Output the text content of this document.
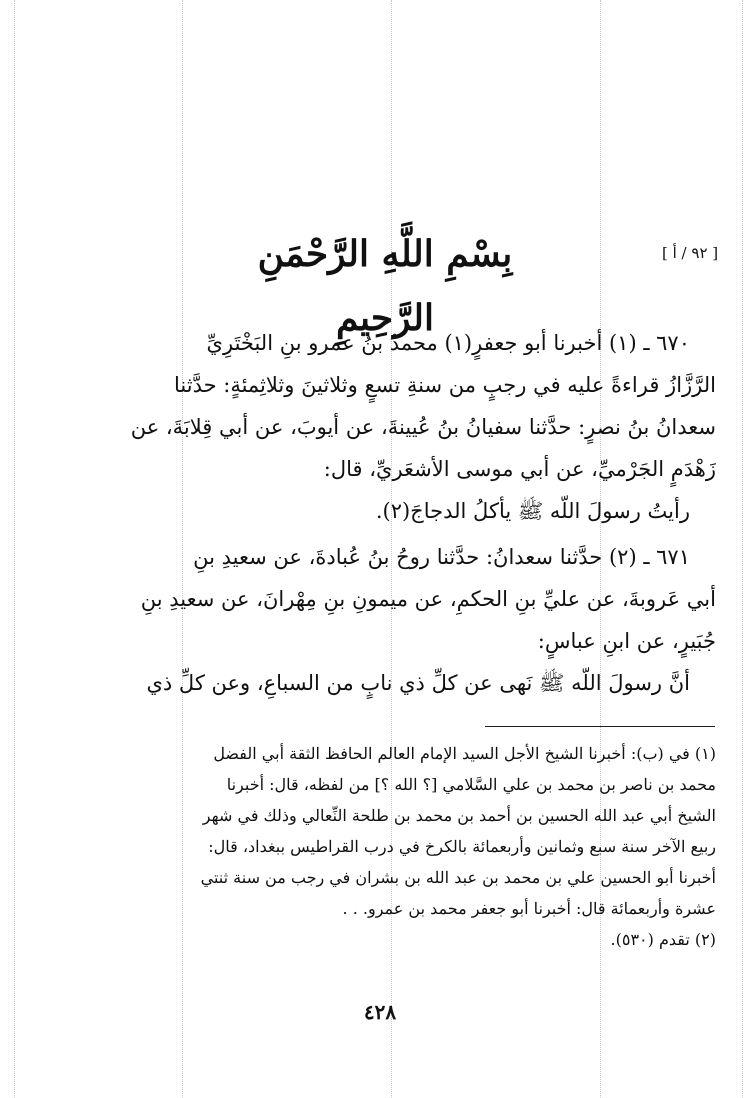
[ ٩٢ / أ ]
بِسْمِ اللَّهِ الرَّحْمَنِ الرَّحِيمِ

٦٧٠ ـ (١) أخبرنا أبو جعفرٍ(١) محمدُ بنُ عمرو بنِ البَخْتَرِيِّ

الرَّزَّازُ قراءةً عليه في رجبٍ من سنةِ تسعٍ وثلاثينَ وثلاثِمئةٍ: حدَّثنا

سعدانُ بنُ نصرٍ: حدَّثنا سفيانُ بنُ عُيينةَ، عن أيوبَ، عن أبي قِلابَةَ، عن

زَهْدَمٍ الجَرْميِّ، عن أبي موسى الأشعَريِّ، قال:

رأيتُ رسولَ اللّه ﷺ يأكلُ الدجاجَ(٢).

٦٧١ ـ (٢) حدَّثنا سعدانُ: حدَّثنا روحُ بنُ عُبادةَ، عن سعيدِ بنِ

أبي عَروبةَ، عن عليِّ بنِ الحكمِ، عن ميمونِ بنِ مِهْرانَ، عن سعيدِ بنِ

جُبَيرٍ، عن ابنِ عباسٍ:

أنَّ رسولَ اللّه ﷺ نَهى عن كلِّ ذي نابٍ من السباعِ، وعن كلِّ ذي

(١) في (ب): أخبرنا الشيخ الأجل السيد الإمام العالم الحافظ الثقة أبي الفضل

محمد بن ناصر بن محمد بن علي السَّلامي [؟ الله ؟] من لفظه، قال: أخبرنا

الشيخ أبي عبد الله الحسين بن أحمد بن محمد بن طلحة النِّعالي وذلك في شهر

ربيع الآخر سنة سبع وثمانين وأربعمائة بالكرخ في درب القراطيس ببغداد، قال:

أخبرنا أبو الحسين علي بن محمد بن عبد الله بن بشران في رجب من سنة ثنتي

عشرة وأربعمائة قال: أخبرنا أبو جعفر محمد بن عمرو. . .

(٢) تقدم (٥٣٠).

٤٢٨
